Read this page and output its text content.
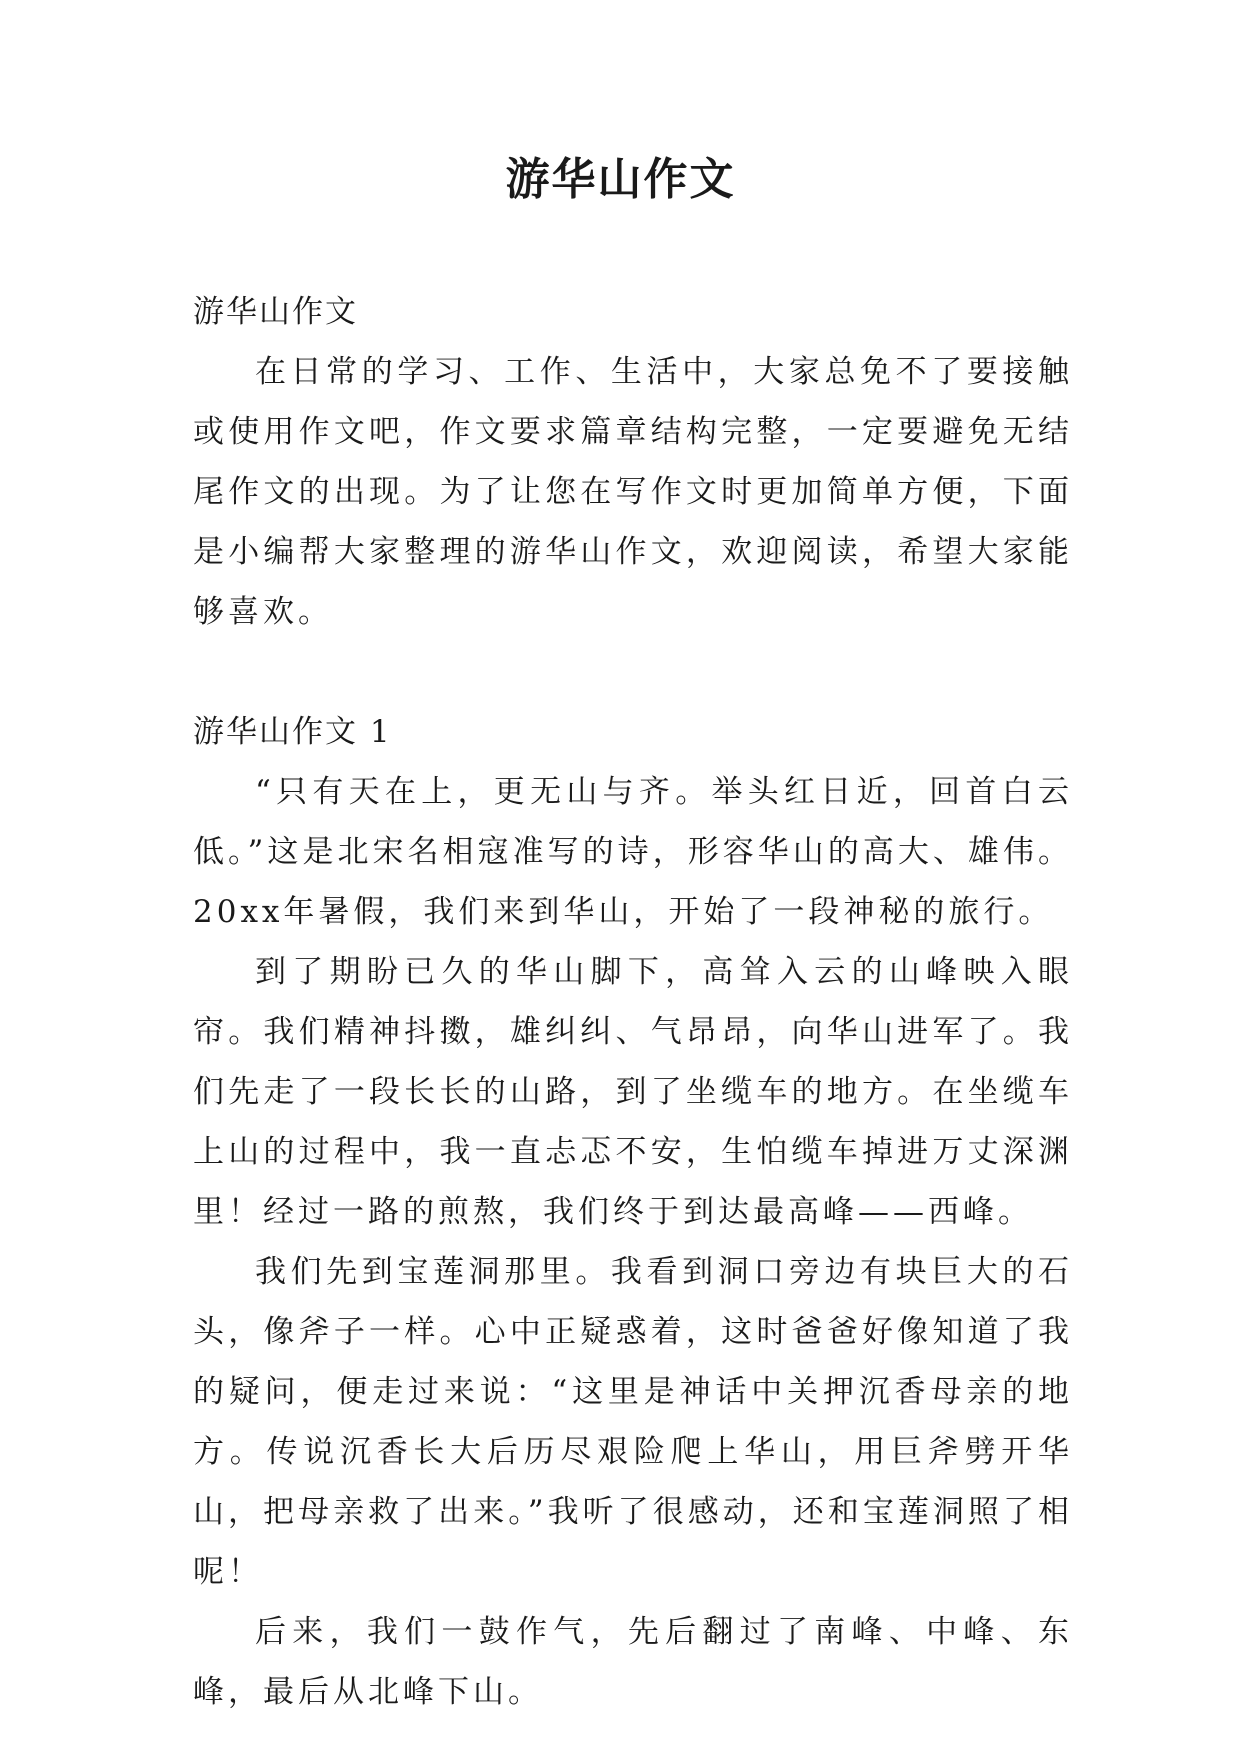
游华山作文

游华山作文

在日常的学习、工作、生活中，大家总免不了要接触或使用作文吧，作文要求篇章结构完整，一定要避免无结尾作文的出现。为了让您在写作文时更加简单方便，下面是小编帮大家整理的游华山作文，欢迎阅读，希望大家能够喜欢。

游华山作文 1

“只有天在上，更无山与齐。举头红日近，回首白云低。”这是北宋名相寇准写的诗，形容华山的高大、雄伟。20xx年暑假，我们来到华山，开始了一段神秘的旅行。

到了期盼已久的华山脚下，高耸入云的山峰映入眼帘。我们精神抖擞，雄纠纠、气昂昂，向华山进军了。我们先走了一段长长的山路，到了坐缆车的地方。在坐缆车上山的过程中，我一直忐忑不安，生怕缆车掉进万丈深渊里！经过一路的煎熬，我们终于到达最高峰——西峰。

我们先到宝莲洞那里。我看到洞口旁边有块巨大的石头，像斧子一样。心中正疑惑着，这时爸爸好像知道了我的疑问，便走过来说：“这里是神话中关押沉香母亲的地方。传说沉香长大后历尽艰险爬上华山，用巨斧劈开华山，把母亲救了出来。”我听了很感动，还和宝莲洞照了相呢！

后来，我们一鼓作气，先后翻过了南峰、中峰、东峰，最后从北峰下山。
